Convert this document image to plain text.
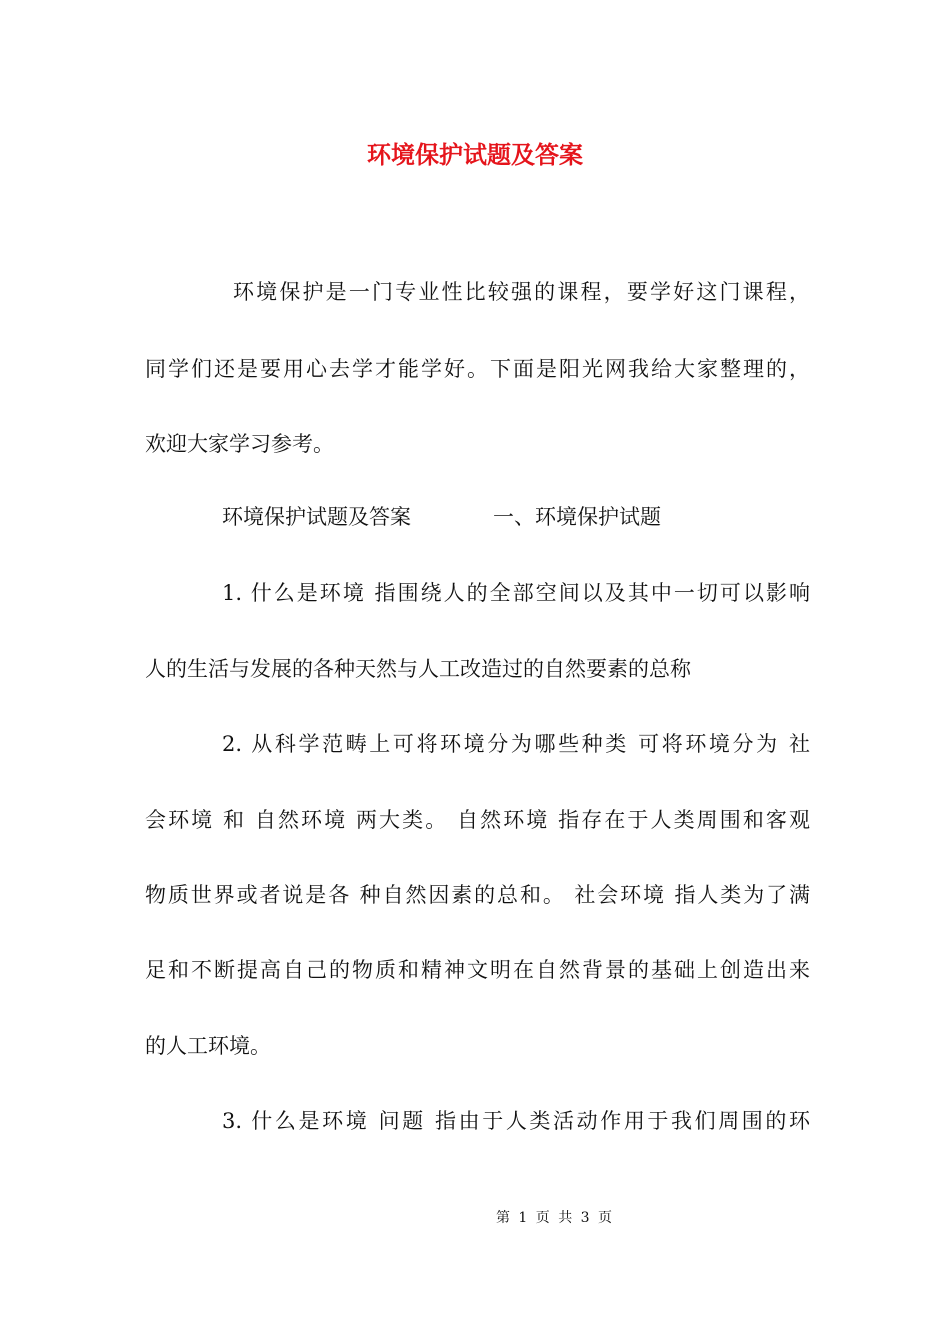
环境保护试题及答案

环境保护是一门专业性比较强的课程，要学好这门课程，

同学们还是要用心去学才能学好。下面是阳光网我给大家整理的，

欢迎大家学习参考。

环境保护试题及答案	一、环境保护试题

1. 什么是环境 指围绕人的全部空间以及其中一切可以影响

人的生活与发展的各种天然与人工改造过的自然要素的总称

2. 从科学范畴上可将环境分为哪些种类 可将环境分为 社

会环境 和 自然环境 两大类。 自然环境 指存在于人类周围和客观

物质世界或者说是各 种自然因素的总和。 社会环境 指人类为了满

足和不断提高自己的物质和精神文明在自然背景的基础上创造出来

的人工环境。

3. 什么是环境 问题 指由于人类活动作用于我们周围的环

第 1 页 共 3 页
